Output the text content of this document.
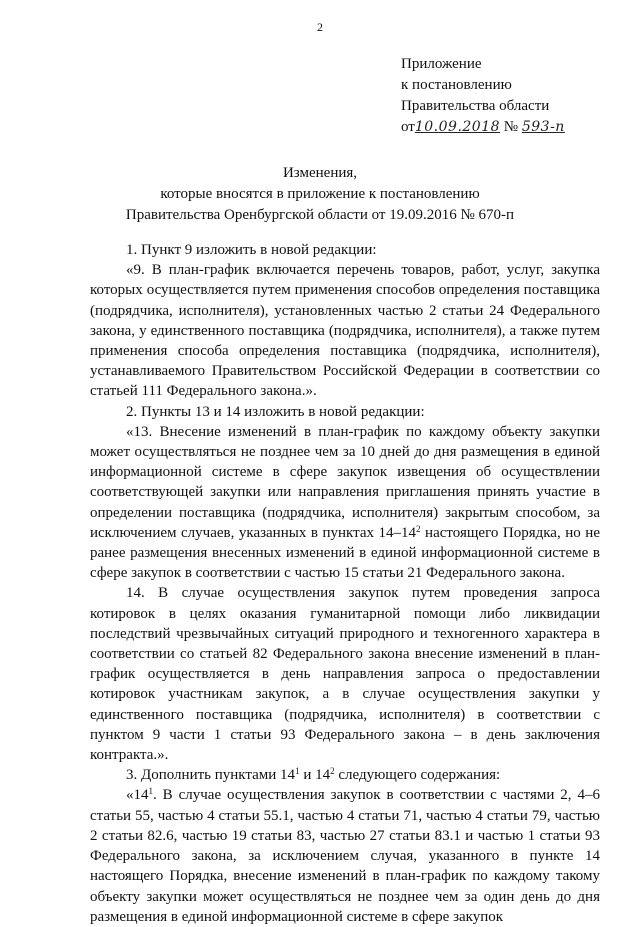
2
Приложение
к постановлению
Правительства области
от10.09.2018 № 593-п
Изменения,
которые вносятся в приложение к постановлению
Правительства Оренбургской области от 19.09.2016 № 670-п

1. Пункт 9 изложить в новой редакции:

«9. В план-график включается перечень товаров, работ, услуг, закупка которых осуществляется путем применения способов определения поставщика (подрядчика, исполнителя), установленных частью 2 статьи 24 Федерального закона, у единственного поставщика (подрядчика, исполнителя), а также путем применения способа определения поставщика (подрядчика, исполнителя), устанавливаемого Правительством Российской Федерации в соответствии со статьей 111 Федерального закона.».

2. Пункты 13 и 14 изложить в новой редакции:

«13. Внесение изменений в план-график по каждому объекту закупки может осуществляться не позднее чем за 10 дней до дня размещения в единой информационной системе в сфере закупок извещения об осуществлении соответствующей закупки или направления приглашения принять участие в определении поставщика (подрядчика, исполнителя) закрытым способом, за исключением случаев, указанных в пунктах $14-14^2$ настоящего Порядка, но не ранее размещения внесенных изменений в единой информационной системе в сфере закупок в соответствии с частью 15 статьи 21 Федерального закона.

14. В случае осуществления закупок путем проведения запроса котировок в целях оказания гуманитарной помощи либо ликвидации последствий чрезвычайных ситуаций природного и техногенного характера в соответствии со статьей 82 Федерального закона внесение изменений в план-график осуществляется в день направления запроса о предоставлении котировок участникам закупок, а в случае осуществления закупки у единственного поставщика (подрядчика, исполнителя) в соответствии с пунктом 9 части 1 статьи 93 Федерального закона – в день заключения контракта.».

3. Дополнить пунктами $14^1$ и $14^2$ следующего содержания:

«$14^1$. В случае осуществления закупок в соответствии с частями 2, 4–6 статьи 55, частью 4 статьи 55.1, частью 4 статьи 71, частью 4 статьи 79, частью 2 статьи 82.6, частью 19 статьи 83, частью 27 статьи 83.1 и частью 1 статьи 93 Федерального закона, за исключением случая, указанного в пункте 14 настоящего Порядка, внесение изменений в план-график по каждому такому объекту закупки может осуществляться не позднее чем за один день до дня размещения в единой информационной системе в сфере закупок
